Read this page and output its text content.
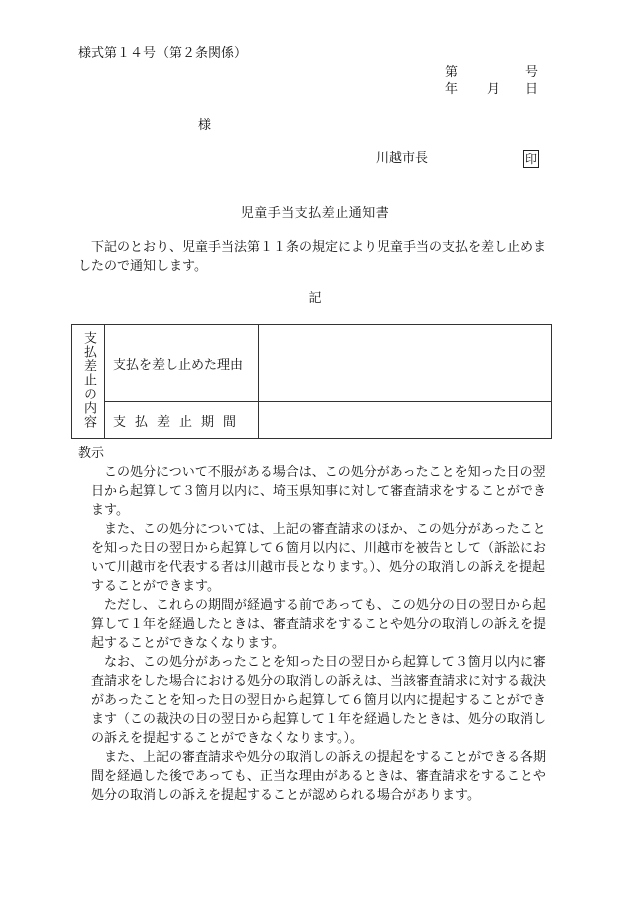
様式第１４号（第２条関係）
第	号
年 月 日
様
川越市長	印
児童手当支払差止通知書
下記のとおり、児童手当法第１１条の規定により児童手当の支払を差し止めましたので通知します。
記
支払差止の内容	支払を差し止めた理由	
	支払差止期間	
教示

この処分について不服がある場合は、この処分があったことを知った日の翌日から起算して３箇月以内に、埼玉県知事に対して審査請求をすることができます。

また、この処分については、上記の審査請求のほか、この処分があったことを知った日の翌日から起算して６箇月以内に、川越市を被告として（訴訟において川越市を代表する者は川越市長となります。）、処分の取消しの訴えを提起することができます。

ただし、これらの期間が経過する前であっても、この処分の日の翌日から起算して１年を経過したときは、審査請求をすることや処分の取消しの訴えを提起することができなくなります。

なお、この処分があったことを知った日の翌日から起算して３箇月以内に審査請求をした場合における処分の取消しの訴えは、当該審査請求に対する裁決があったことを知った日の翌日から起算して６箇月以内に提起することができます（この裁決の日の翌日から起算して１年を経過したときは、処分の取消しの訴えを提起することができなくなります。）。

また、上記の審査請求や処分の取消しの訴えの提起をすることができる各期間を経過した後であっても、正当な理由があるときは、審査請求をすることや処分の取消しの訴えを提起することが認められる場合があります。
